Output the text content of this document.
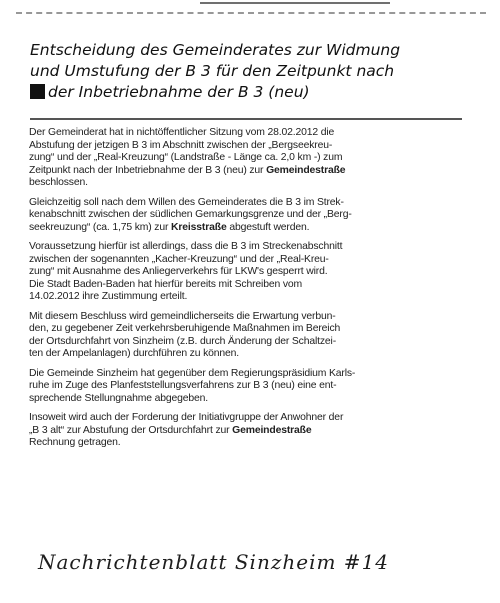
Entscheidung des Gemeinderates zur Widmung
und Umstufung der B 3 für den Zeitpunkt nach
der Inbetriebnahme der B 3 (neu)

Der Gemeinderat hat in nichtöffentlicher Sitzung vom 28.02.2012 die
Abstufung der jetzigen B 3 im Abschnitt zwischen der „Bergseekreu-
zung“ und der „Real-Kreuzung“ (Landstraße - Länge ca. 2,0 km -) zum
Zeitpunkt nach der Inbetriebnahme der B 3 (neu) zur Gemeindestraße
beschlossen.

Gleichzeitig soll nach dem Willen des Gemeinderates die B 3 im Strek-
kenabschnitt zwischen der südlichen Gemarkungsgrenze und der „Berg-
seekreuzung“ (ca. 1,75 km) zur Kreisstraße abgestuft werden.

Voraussetzung hierfür ist allerdings, dass die B 3 im Streckenabschnitt
zwischen der sogenannten „Kacher-Kreuzung“ und der „Real-Kreu-
zung“ mit Ausnahme des Anliegerverkehrs für LKW's gesperrt wird.
Die Stadt Baden-Baden hat hierfür bereits mit Schreiben vom
14.02.2012 ihre Zustimmung erteilt.

Mit diesem Beschluss wird gemeindlicherseits die Erwartung verbun-
den, zu gegebener Zeit verkehrsberuhigende Maßnahmen im Bereich
der Ortsdurchfahrt von Sinzheim (z.B. durch Änderung der Schaltzei-
ten der Ampelanlagen) durchführen zu können.

Die Gemeinde Sinzheim hat gegenüber dem Regierungspräsidium Karls-
ruhe im Zuge des Planfeststellungsverfahrens zur B 3 (neu) eine ent-
sprechende Stellungnahme abgegeben.

Insoweit wird auch der Forderung der Initiativgruppe der Anwohner der
„B 3 alt“ zur Abstufung der Ortsdurchfahrt zur Gemeindestraße
Rechnung getragen.

Nachrichtenblatt Sinzheim #14
